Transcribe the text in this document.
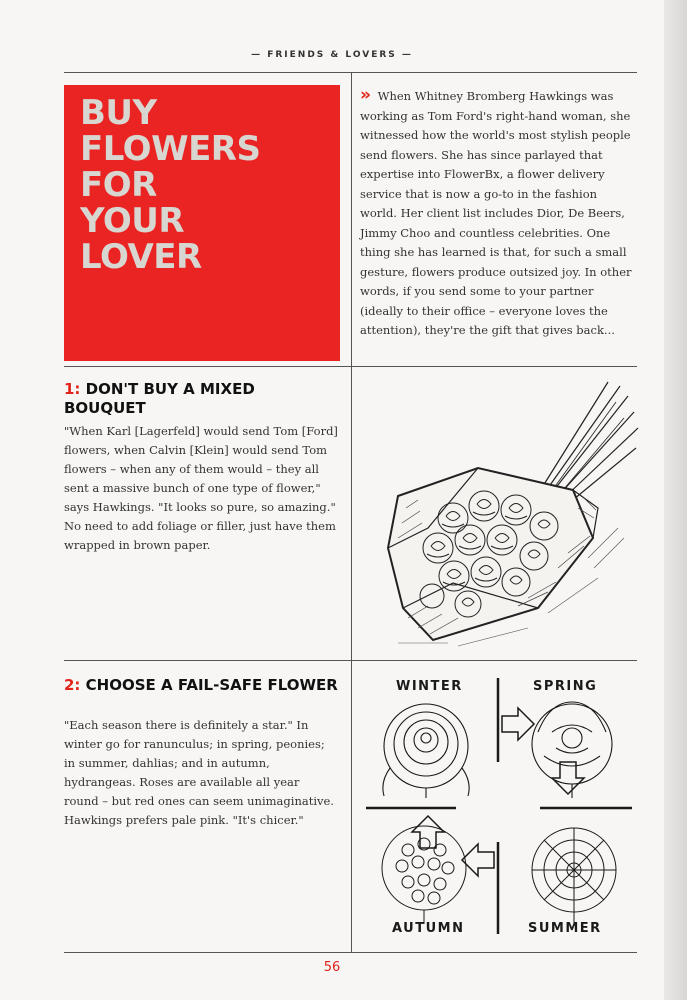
— FRIENDS & LOVERS —
BUY
FLOWERS
FOR
YOUR
LOVER

» When Whitney Bromberg Hawkings was working as Tom Ford's right-hand woman, she witnessed how the world's most stylish people send flowers. She has since parlayed that expertise into FlowerBx, a flower delivery service that is now a go-to in the fashion world. Her client list includes Dior, De Beers, Jimmy Choo and countless celebrities. One thing she has learned is that, for such a small gesture, flowers produce outsized joy. In other words, if you send some to your partner (ideally to their office – everyone loves the attention), they're the gift that gives back...

1: DON'T BUY A MIXED BOUQUET

"When Karl [Lagerfeld] would send Tom [Ford] flowers, when Calvin [Klein] would send Tom flowers – when any of them would – they all sent a massive bunch of one type of flower," says Hawkings. "It looks so pure, so amazing." No need to add foliage or filler, just have them wrapped in brown paper.

2: CHOOSE A FAIL-SAFE FLOWER

"Each season there is definitely a star." In winter go for ranunculus; in spring, peonies; in summer, dahlias; and in autumn, hydrangeas. Roses are available all year round – but red ones can seem unimaginative. Hawkings prefers pale pink. "It's chicer."

WINTER	SPRING
AUTUMN	SUMMER
56
